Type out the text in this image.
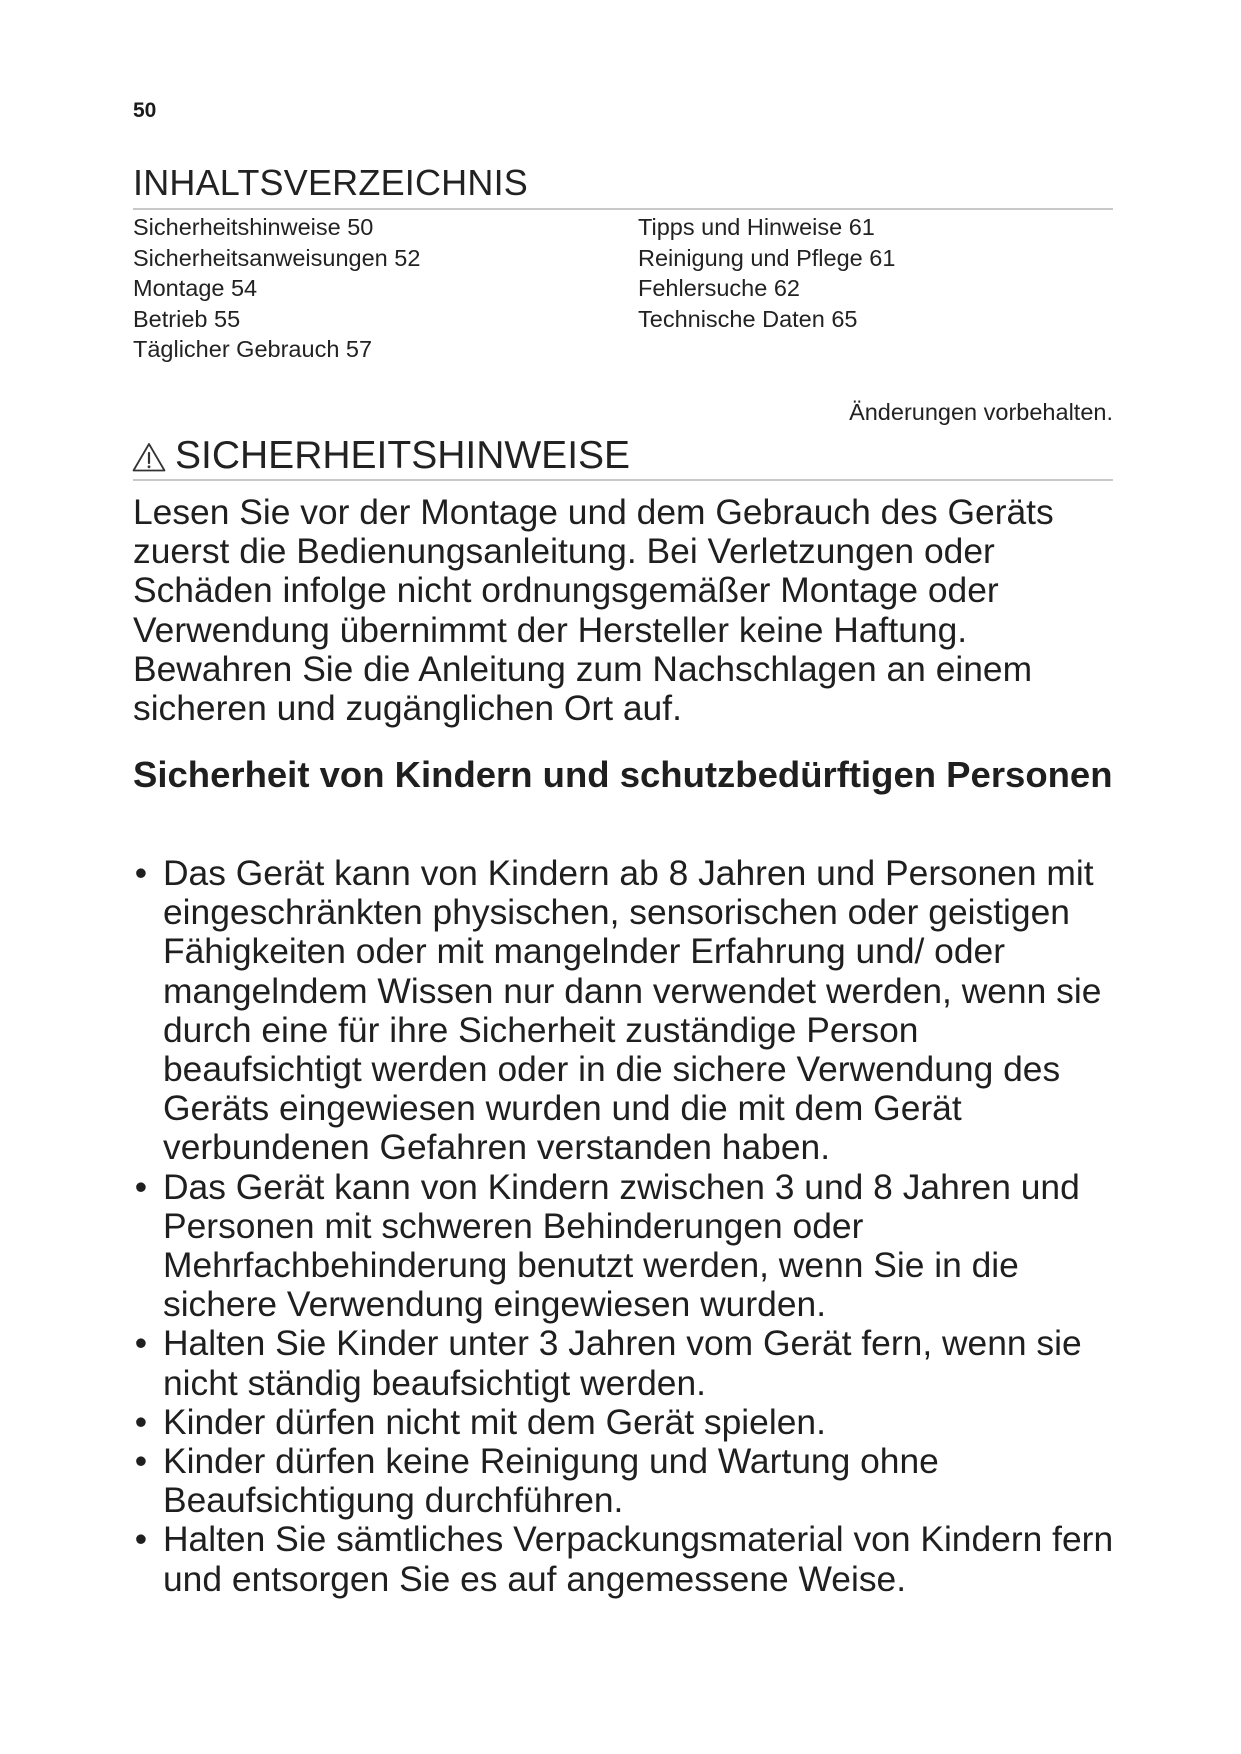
50
INHALTSVERZEICHNIS
Sicherheitshinweise 50
Sicherheitsanweisungen 52
Montage 54
Betrieb 55
Täglicher Gebrauch 57
Tipps und Hinweise 61
Reinigung und Pflege 61
Fehlersuche 62
Technische Daten 65
Änderungen vorbehalten.
SICHERHEITSHINWEISE
Lesen Sie vor der Montage und dem Gebrauch des Geräts zuerst die Bedienungsanleitung. Bei Verletzungen oder Schäden infolge nicht ordnungsgemäßer Montage oder Verwendung übernimmt der Hersteller keine Haftung. Bewahren Sie die Anleitung zum Nachschlagen an einem sicheren und zugänglichen Ort auf.
Sicherheit von Kindern und schutzbedürftigen Personen
• Das Gerät kann von Kindern ab 8 Jahren und Personen mit eingeschränkten physischen, sensorischen oder geistigen Fähigkeiten oder mit mangelnder Erfahrung und/ oder mangelndem Wissen nur dann verwendet werden, wenn sie durch eine für ihre Sicherheit zuständige Person beaufsichtigt werden oder in die sichere Verwendung des Geräts eingewiesen wurden und die mit dem Gerät verbundenen Gefahren verstanden haben.
• Das Gerät kann von Kindern zwischen 3 und 8 Jahren und Personen mit schweren Behinderungen oder Mehrfachbehinderung benutzt werden, wenn Sie in die sichere Verwendung eingewiesen wurden.
• Halten Sie Kinder unter 3 Jahren vom Gerät fern, wenn sie nicht ständig beaufsichtigt werden.
• Kinder dürfen nicht mit dem Gerät spielen.
• Kinder dürfen keine Reinigung und Wartung ohne Beaufsichtigung durchführen.
• Halten Sie sämtliches Verpackungsmaterial von Kindern fern und entsorgen Sie es auf angemessene Weise.
